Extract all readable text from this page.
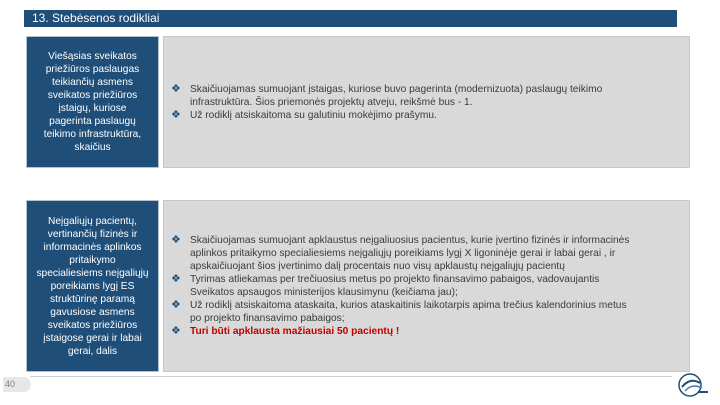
13. Stebėsenos rodikliai
Viešąsias sveikatos
priežiūros paslaugas
teikiančių asmens
sveikatos priežiūros
įstaigų, kuriose
pagerinta paslaugų
teikimo infrastruktūra,
skaičius
❖ Skaičiuojamas sumuojant įstaigas, kuriose buvo pagerinta (modernizuota) paslaugų teikimo
infrastruktūra. Šios priemonės projektų atveju, reikšmė bus - 1.
❖ Už rodiklį atsiskaitoma su galutiniu mokėjimo prašymu.
Neįgaliųjų pacientų,
vertinančių fizinės ir
informacinės aplinkos
pritaikymo
specialiesiems neįgaliųjų
poreikiams lygį ES
struktūrinę paramą
gavusiose asmens
sveikatos priežiūros
įstaigose gerai ir labai
gerai, dalis
❖ Skaičiuojamas sumuojant apklaustus neįgaliuosius pacientus, kurie įvertino fizinės ir informacinės
aplinkos pritaikymo specialiesiems neįgaliųjų poreikiams lygį X ligoninėje gerai ir labai gerai , ir
apskaičiuojant šios įvertinimo dalį procentais nuo visų apklaustų neįgaliųjų pacientų
❖ Tyrimas atliekamas per trečiuosius metus po projekto finansavimo pabaigos, vadovaujantis
Sveikatos apsaugos ministerijos klausimynu (keičiama jau);
❖ Už rodiklį atsiskaitoma ataskaita, kurios ataskaitinis laikotarpis apima trečius kalendorinius metus
po projekto finansavimo pabaigos;
❖ Turi būti apklausta mažiausiai 50 pacientų !
40
